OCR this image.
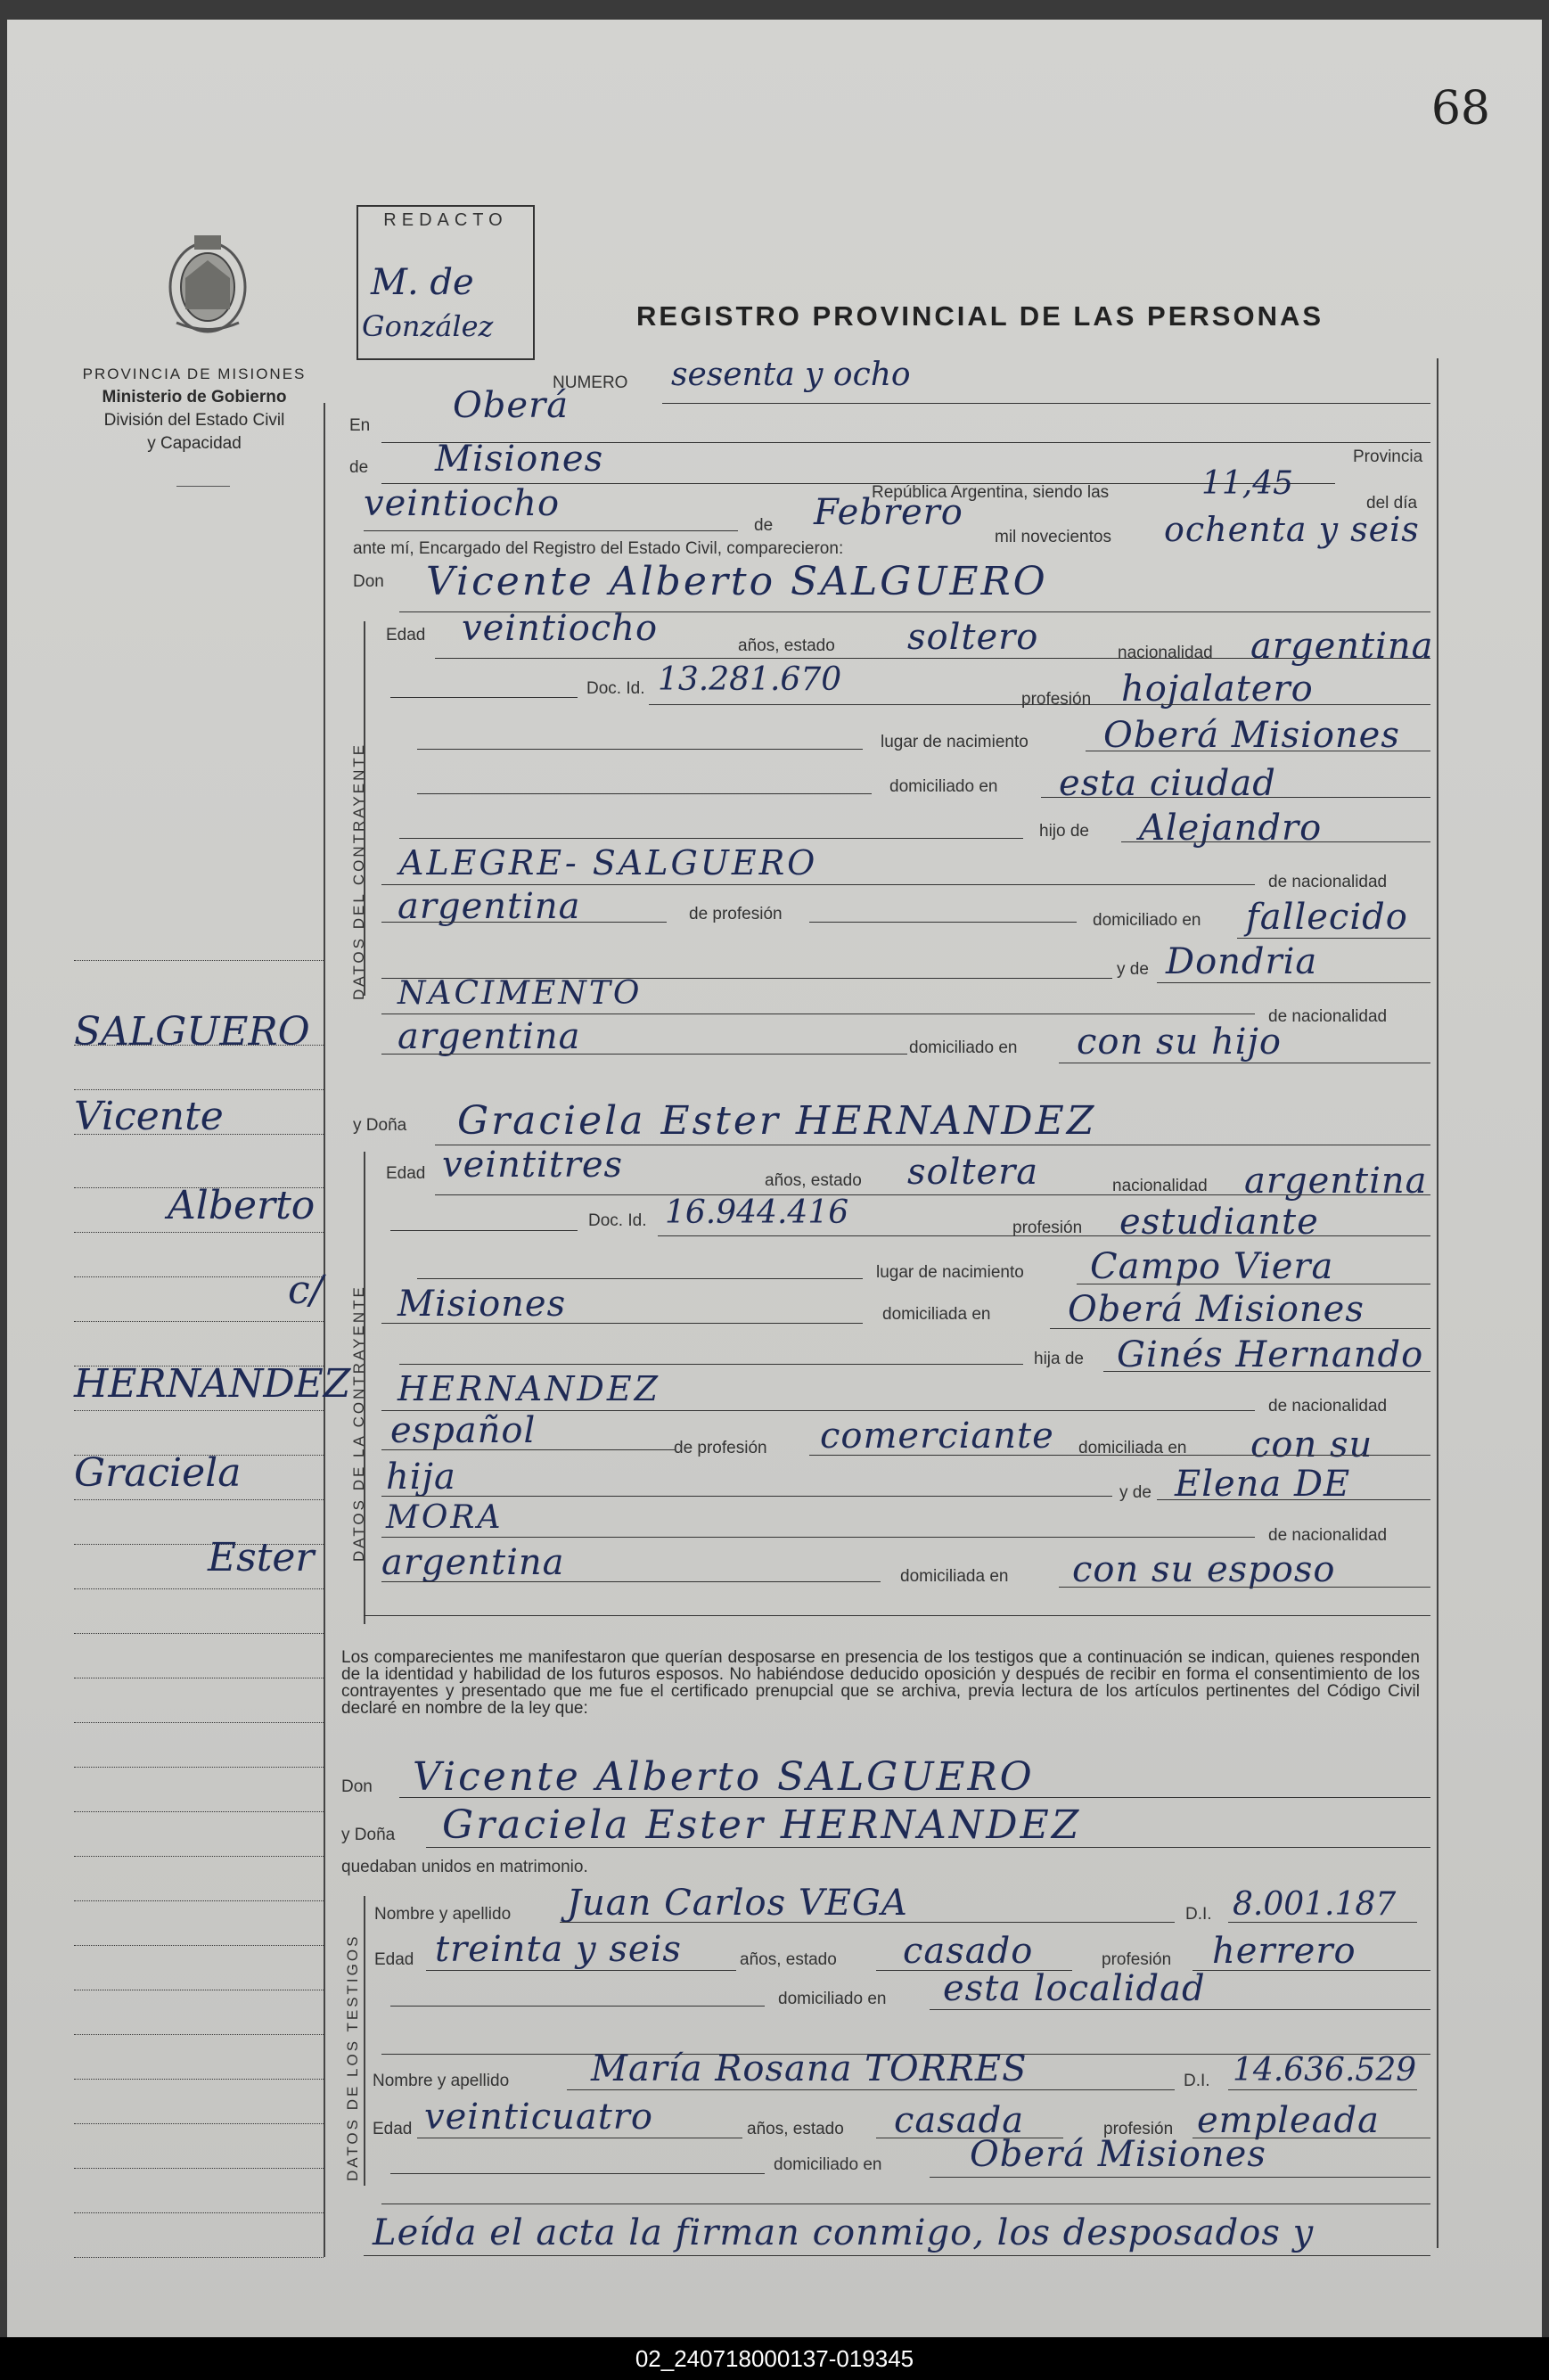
68
PROVINCIA DE MISIONES
Ministerio de Gobierno
División del Estado Civil
y Capacidad
SALGUERO
Vicente
Alberto
c/
HERNANDEZ
Graciela
Ester
REDACTO
M. de
González	REGISTRO PROVINCIAL DE LAS PERSONAS
NUMERO sesenta y ocho
En Oberá
de Misiones	Provincia
República Argentina, siendo las	11,45
del día
veintiocho
de Febrero
mil novecientos ochenta y seis
ante mí, Encargado del Registro del Estado Civil, comparecieron:
Don Vicente Alberto SALGUERO
DATOS DEL CONTRAYENTE
Edad veintiocho	años, estado soltero	nacionalidad argentina
Doc. Id. 13.281.670
profesión hojalatero
lugar de nacimiento Oberá Misiones
domiciliado en esta ciudad
hijo de Alejandro
ALEGRE- SALGUERO	de nacionalidad
argentina	de profesión	domiciliado en fallecido
y de Dondria
NACIMENTO
de nacionalidad
argentina	domiciliado en con su hijo
y Doña Graciela Ester HERNANDEZ
DATOS DE LA CONTRAYENTE
Edad veintitres	años, estado soltera	nacionalidad argentina
Doc. Id. 16.944.416	profesión estudiante
lugar de nacimiento Campo Viera
Misiones	domiciliada en Oberá Misiones
hija de Ginés Hernando
HERNANDEZ	de nacionalidad
español	de profesión comerciante domiciliada en con su
hija	y de Elena DE
MORA	de nacionalidad
argentina	domiciliada en con su esposo
Los comparecientes me manifestaron que querían desposarse en presencia de los testigos que a continuación se indican, quienes responden de la identidad y habilidad de los futuros esposos. No habiéndose deducido oposición y después de recibir en forma el consentimiento de los contrayentes y presentado que me fue el certificado prenupcial que se archiva, previa lectura de los artículos pertinentes del Código Civil declaré en nombre de la ley que:
Don Vicente Alberto SALGUERO
y Doña Graciela Ester HERNANDEZ
quedaban unidos en matrimonio.
DATOS DE LOS TESTIGOS
Nombre y apellido Juan Carlos VEGA	D.I. 8.001.187
Edad treinta y seis	años, estado casado	profesión herrero
domiciliado en esta localidad
Nombre y apellido María Rosana TORRES	D.I. 14.636.529
Edad veinticuatro	años, estado casada	profesión empleada
domiciliado en Oberá Misiones
Leída el acta la firman conmigo, los desposados y
02_240718000137-019345
